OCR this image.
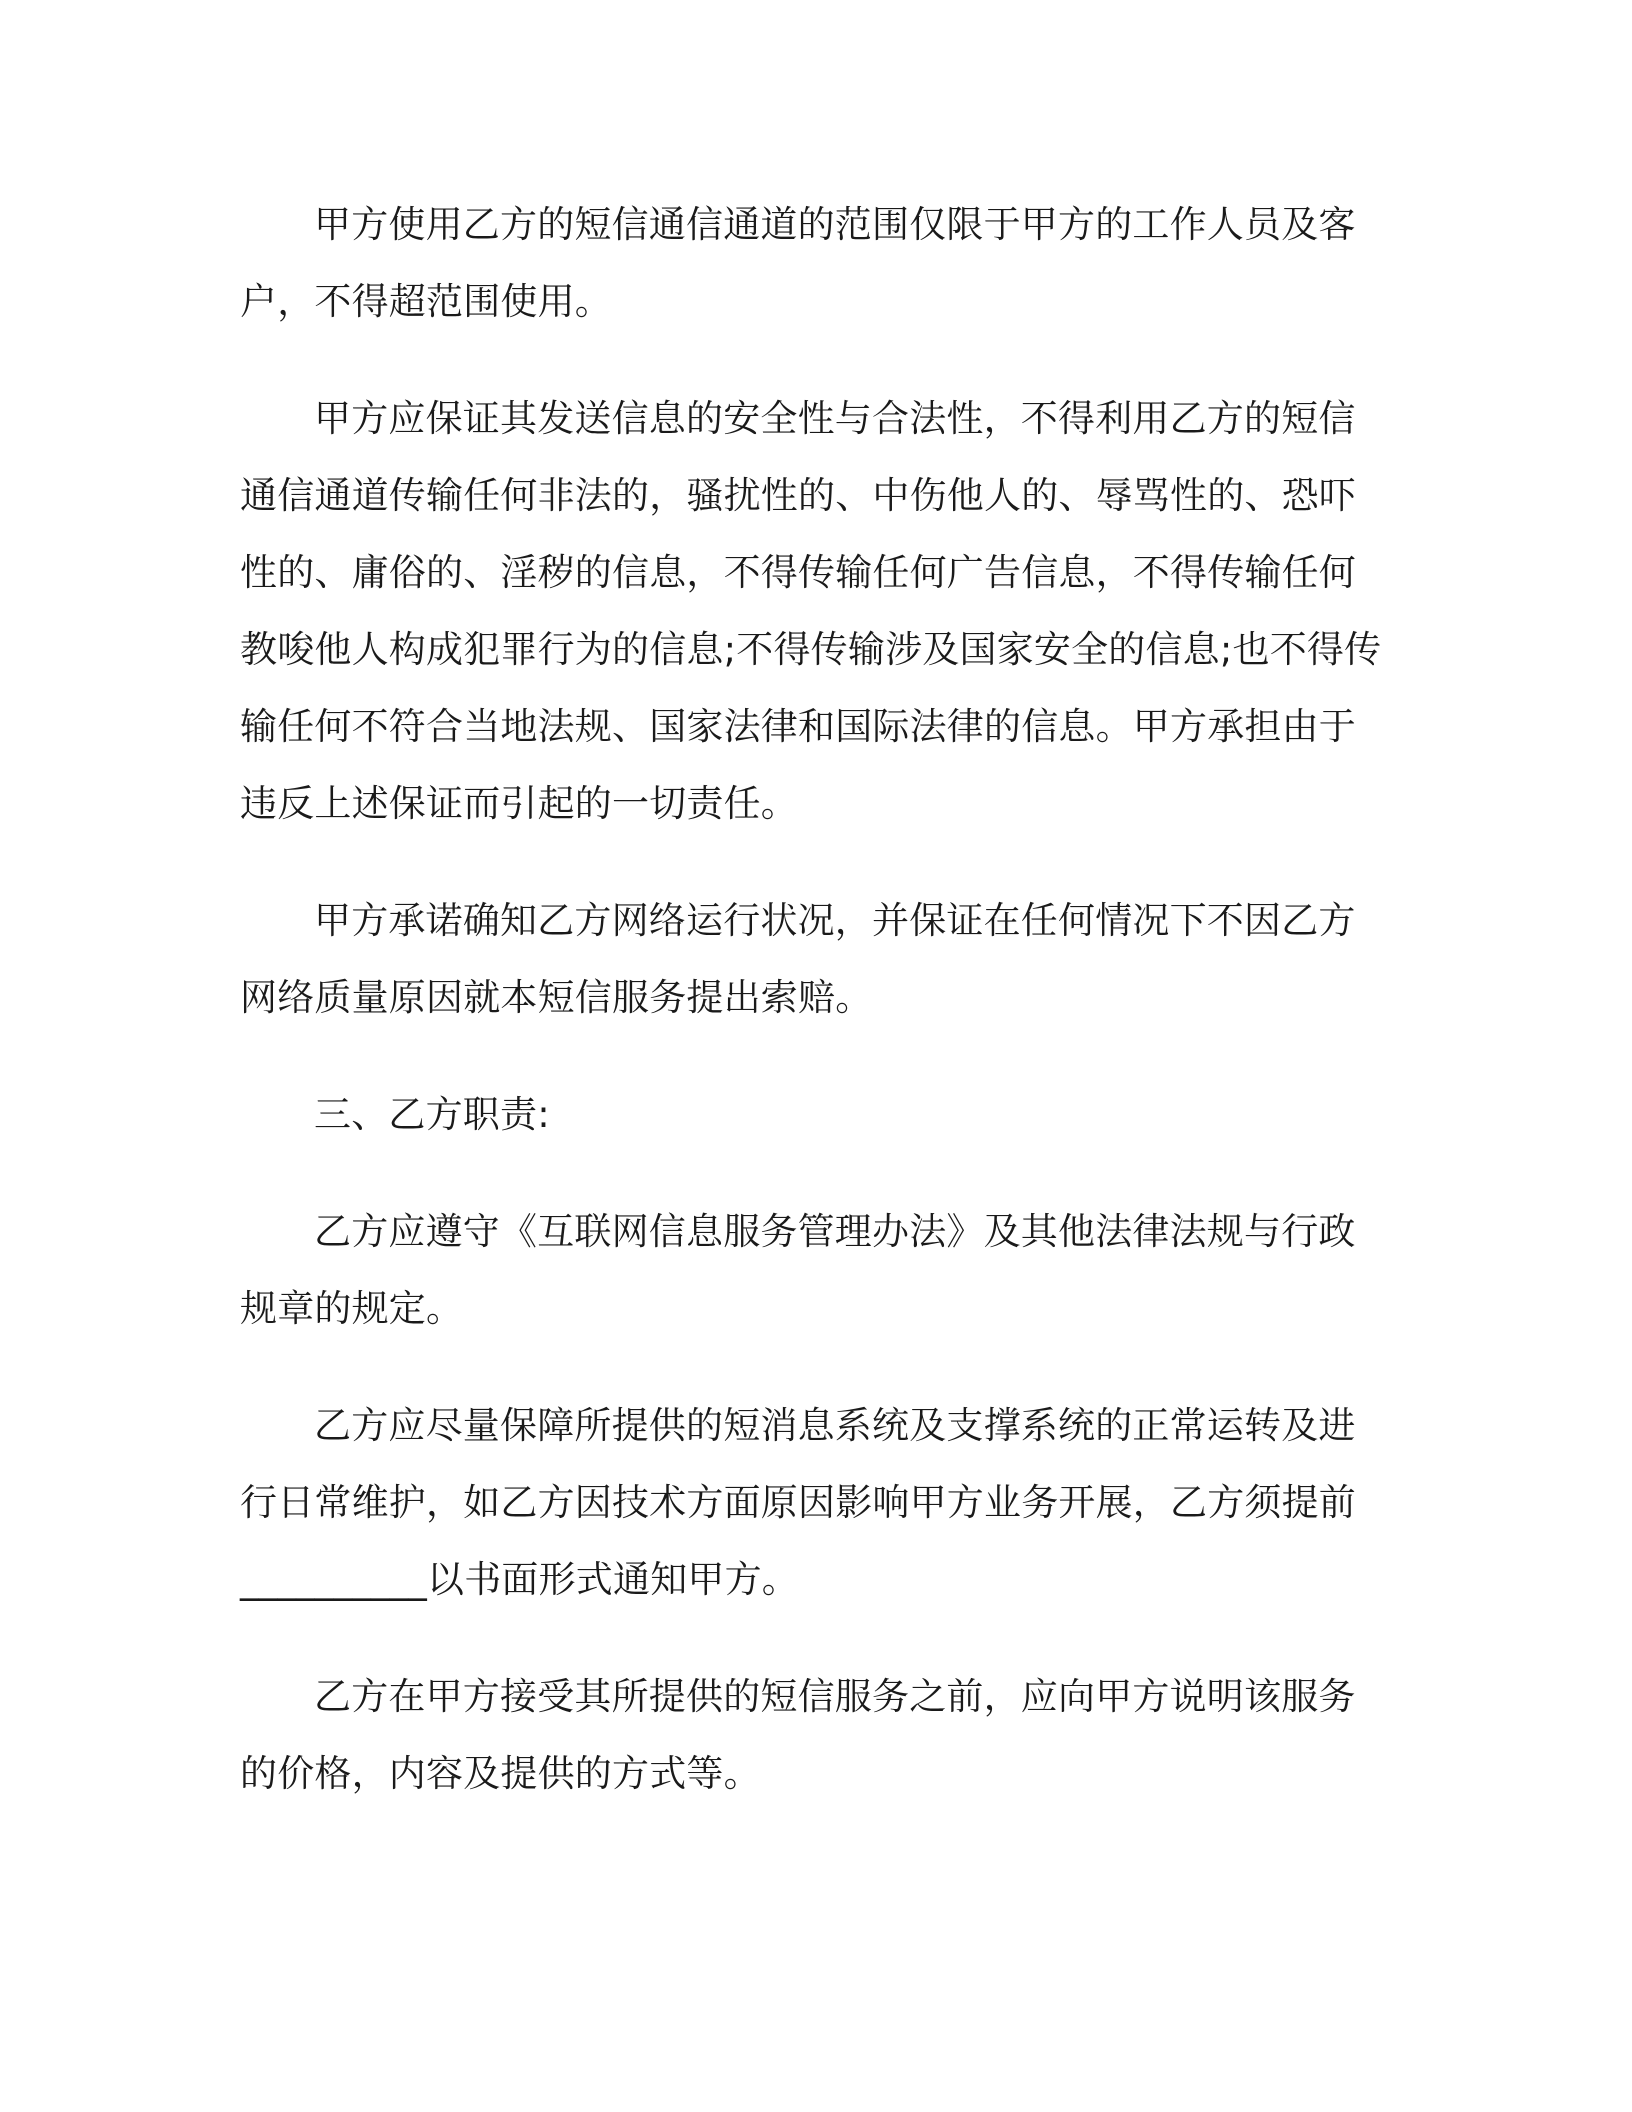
甲方使用乙方的短信通信通道的范围仅限于甲方的工作人员及客
户，不得超范围使用。
甲方应保证其发送信息的安全性与合法性，不得利用乙方的短信
通信通道传输任何非法的，骚扰性的、中伤他人的、辱骂性的、恐吓
性的、庸俗的、淫秽的信息，不得传输任何广告信息，不得传输任何
教唆他人构成犯罪行为的信息;不得传输涉及国家安全的信息;也不得传
输任何不符合当地法规、国家法律和国际法律的信息。甲方承担由于
违反上述保证而引起的一切责任。
甲方承诺确知乙方网络运行状况，并保证在任何情况下不因乙方
网络质量原因就本短信服务提出索赔。
三、乙方职责:
乙方应遵守《互联网信息服务管理办法》及其他法律法规与行政
规章的规定。
乙方应尽量保障所提供的短消息系统及支撑系统的正常运转及进
行日常维护，如乙方因技术方面原因影响甲方业务开展，乙方须提前
__________以书面形式通知甲方。
乙方在甲方接受其所提供的短信服务之前，应向甲方说明该服务
的价格，内容及提供的方式等。
